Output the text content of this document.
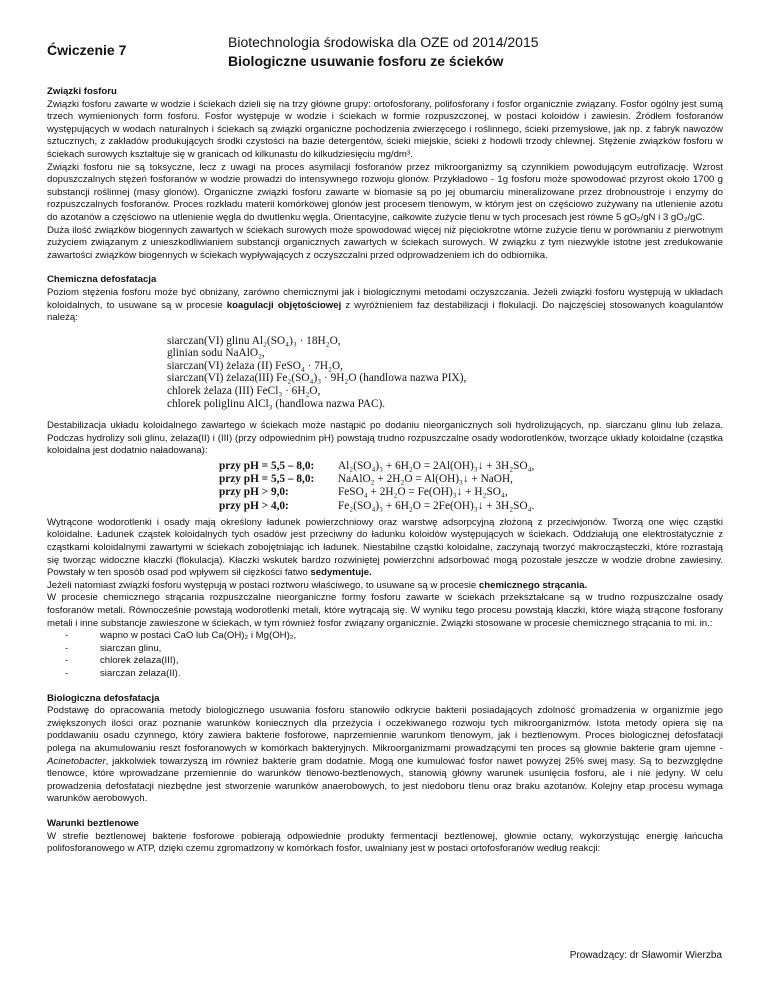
Ćwiczenie 7	Biotechnologia środowiska dla OZE od 2014/2015
Biologiczne usuwanie fosforu ze ścieków

Związki fosforu

Związki fosforu zawarte w wodzie i ściekach dzieli się na trzy główne grupy: ortofosforany, polifosforany i fosfor organicznie związany. Fosfor ogólny jest sumą trzech wymienionych form fosforu. Fosfor występuje w wodzie i ściekach w formie rozpuszczonej, w postaci koloidów i zawiesin. Źródłem fosforanów występujących w wodach naturalnych i ściekach są związki organiczne pochodzenia zwierzęcego i roślinnego, ścieki przemysłowe, jak np. z fabryk nawozów sztucznych, z zakładów produkujących środki czystości na bazie detergentów, ścieki miejskie, ścieki z hodowli trzody chlewnej. Stężenie związków fosforu w ściekach surowych kształtuje się w granicach od kilkunastu do kilkudziesięciu mg/dm³.

Związki fosforu nie są toksyczne, lecz z uwagi na proces asymilacji fosforanów przez mikroorganizmy są czynnikiem powodującym eutrofizację. Wzrost dopuszczalnych stężeń fosforanów w wodzie prowadzi do intensywnego rozwoju glonów. Przykładowo - 1g fosforu może spowodować przyrost około 1700 g substancji roślinnej (masy glonów). Organiczne związki fosforu zawarte w biomasie są po jej obumarciu mineralizowane przez drobnoustroje i enzymy do rozpuszczalnych fosforanów. Proces rozkładu materii komórkowej glonów jest procesem tlenowym, w którym jest on częściowo zużywany na utlenienie azotu do azotanów a częściowo na utlenienie węgla do dwutlenku węgla. Orientacyjne, całkowite zużycie tlenu w tych procesach jest równe 5 gO₂/gN i 3 gO₂/gC.

Duża ilość związków biogennych zawartych w ściekach surowych może spowodować więcej niż pięciokrotne wtórne zużycie tlenu w porównaniu z pierwotnym zużyciem związanym z unieszkodliwianiem substancji organicznych zawartych w ściekach surowych. W związku z tym niezwykle istotne jest zredukowanie zawartości związków biogennych w ściekach wypływających z oczyszczalni przed odprowadzeniem ich do odbiornika.

Chemiczna defosfatacja

Poziom stężenia fosforu może być obniżany, zarówno chemicznymi jak i biologicznymi metodami oczyszczania. Jeżeli związki fosforu występują w układach koloidalnych, to usuwane są w procesie koagulacji objętościowej z wyróżnieniem faz destabilizacji i flokulacji. Do najczęściej stosowanych koagulantów należą:

siarczan(VI) glinu Al₂(SO₄)₃ · 18H₂O,
glinian sodu NaAlO₂,
siarczan(VI) żelaza (II) FeSO₄ · 7H₂O,
siarczan(VI) żelaza(III) Fe₂(SO₄)₃ · 9H₂O (handlowa nazwa PIX),
chlorek żelaza (III) FeCl₃ · 6H₂O,
chlorek poliglinu AlCl₃ (handlowa nazwa PAC).

Destabilizacja układu koloidalnego zawartego w ściekach może nastąpić po dodaniu nieorganicznych soli hydrolizujących, np. siarczanu glinu lub żelaza. Podczas hydrolizy soli glinu, żelaza(II) i (III) (przy odpowiednim pH) powstają trudno rozpuszczalne osady wodorotlenków, tworzące układy koloidalne (cząstka koloidalna jest dodatnio naładowana):

przy pH = 5,5 – 8,0: Al₂(SO₄)₃ + 6H₂O = 2Al(OH)₃↓ + 3H₂SO₄,
przy pH = 5,5 – 8,0: NaAlO₂ + 2H₂O = Al(OH)₃↓ + NaOH,
przy pH > 9,0:	FeSO₄ + 2H₂O = Fe(OH)₃↓ + H₂SO₄,
przy pH > 4,0:	Fe₂(SO₄)₃ + 6H₂O = 2Fe(OH)₃↓ + 3H₂SO₄.

Wytrącone wodorotlenki i osady mają określony ładunek powierzchniowy oraz warstwę adsorpcyjną złożoną z przeciwjonów. Tworzą one więc cząstki koloidalne. Ładunek cząstek koloidalnych tych osadów jest przeciwny do ładunku koloidów występujących w ściekach. Oddziałują one elektrostatycznie z cząstkami koloidalnymi zawartymi w ściekach zobojętniając ich ładunek. Niestabilne cząstki koloidalne, zaczynają tworzyć makrocząsteczki, które rozrastają się tworząc widoczne kłaczki (flokulacja). Kłaczki wskutek bardzo rozwiniętej powierzchni adsorbować mogą pozostałe jeszcze w wodzie drobne zawiesiny. Powstały w ten sposób osad pod wpływem sił ciężkości fatwo sedymentuje.

Jeżeli natomiast związki fosforu występują w postaci roztworu właściwego, to usuwane są w procesie chemicznego strącania.

W procesie chemicznego strącania rozpuszczalne nieorganiczne formy fosforu zawarte w ściekach przekształcane są w trudno rozpuszczalne osady fosforanów metali. Równocześnie powstają wodorotlenki metali, które wytrącają się. W wyniku tego procesu powstają kłaczki, które wiążą strącone fosforany metali i inne substancje zawieszone w ściekach, w tym również fosfor związany organicznie. Związki stosowane w procesie chemicznego strącania to mi. in.:

- wapno w postaci CaO lub Ca(OH)₂ i Mg(OH)₂,
- siarczan glinu,
- chlorek żelaza(III),
- siarczan żelaza(II).

Biologiczna defosfatacja

Podstawę do opracowania metody biologicznego usuwania fosforu stanowiło odkrycie bakterii posiadających zdolność gromadzenia w organizmie jego zwiększonych ilości oraz poznanie warunków koniecznych dla przeżycia i oczekiwanego rozwoju tych mikroorganizmów. Istota metody opiera się na poddawaniu osadu czynnego, który zawiera bakterie fosforowe, naprzemiennie warunkom tlenowym, jak i beztlenowym. Proces biologicznej defosfatacji polega na akumulowaniu reszt fosforanowych w komórkach bakteryjnych. Mikroorganizmami prowadzącymi ten proces są głownie bakterie gram ujemne - Acinetobacter, jakkolwiek towarzyszą im również bakterie gram dodatnie. Mogą one kumulować fosfor nawet powyżej 25% swej masy. Są to bezwzględne tlenowce, które wprowadzane przemiennie do warunków tlenowo-beztlenowych, stanowią główny warunek usunięcia fosforu, ale i nie jedyny. W celu prowadzenia defosfatacji niezbędne jest stworzenie warunków anaerobowych, to jest niedoboru tlenu oraz braku azotanów. Kolejny etap procesu wymaga warunków aerobowych.

Warunki beztlenowe

W strefie beztlenowej bakterie fosforowe pobierają odpowiednie produkty fermentacji beztlenowej, głownie octany, wykorzystując energię łańcucha polifosforanowego w ATP, dzięki czemu zgromadzony w komórkach fosfor, uwalniany jest w postaci ortofosforanów według reakcji:

Prowadzący: dr Sławomir Wierzba
